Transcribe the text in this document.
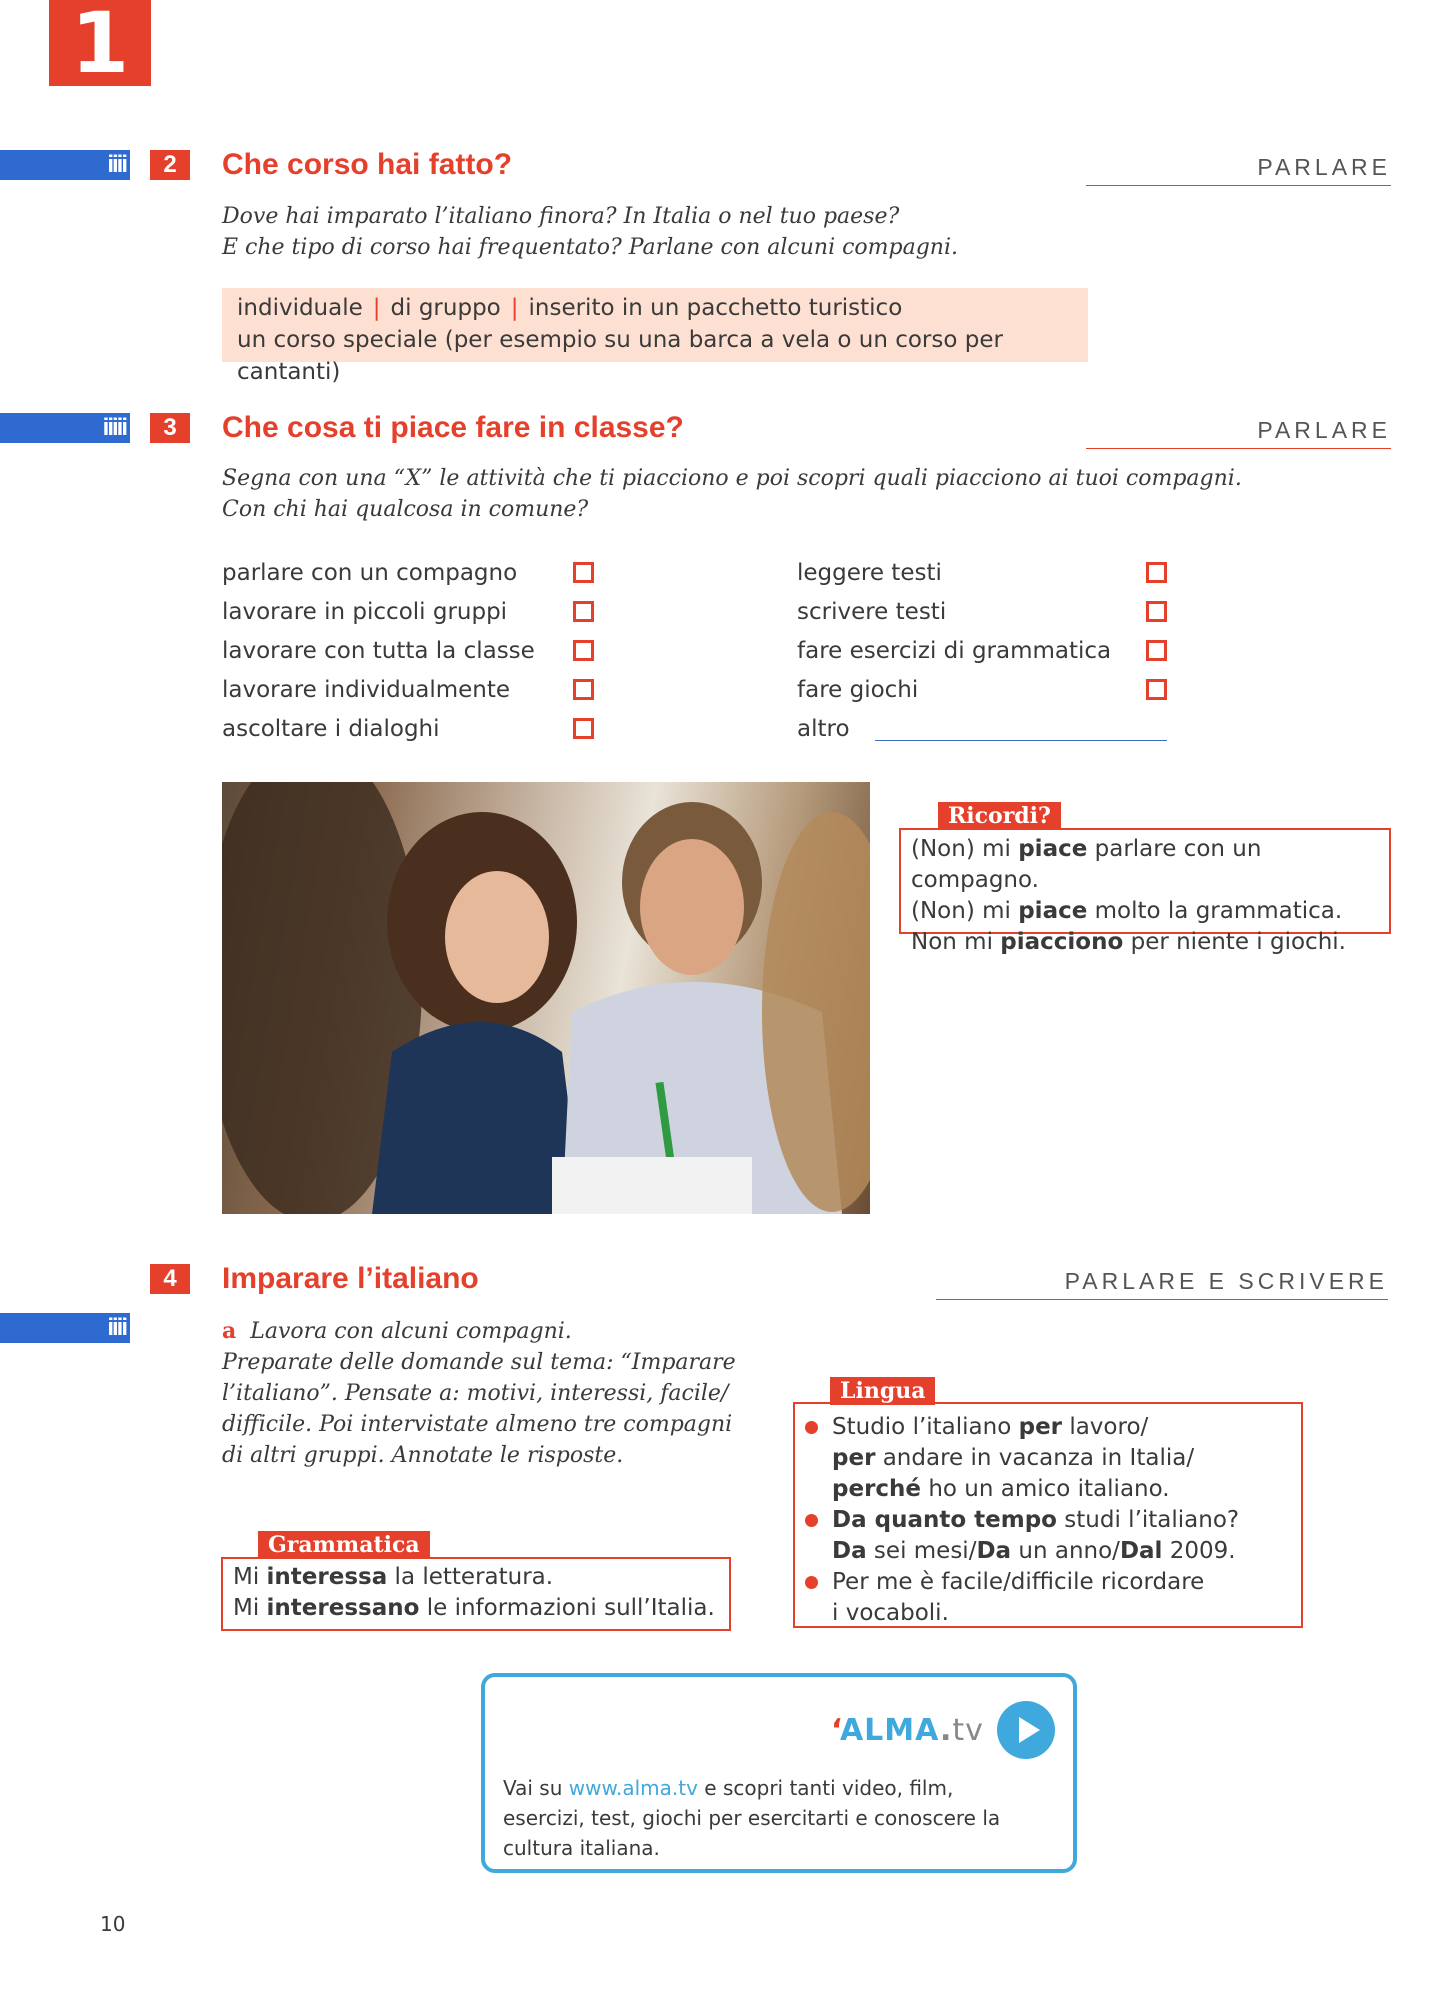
1
iiii	2	Che corso hai fatto?	PARLARE
Dove hai imparato l’italiano finora? In Italia o nel tuo paese?
E che tipo di corso hai frequentato? Parlane con alcuni compagni.
individuale | di gruppo | inserito in un pacchetto turistico
un corso speciale (per esempio su una barca a vela o un corso per cantanti)
iiiii	3	Che cosa ti piace fare in classe?	PARLARE
Segna con una “X” le attività che ti piacciono e poi scopri quali piacciono ai tuoi compagni.
Con chi hai qualcosa in comune?
parlare con un compagno
lavorare in piccoli gruppi
lavorare con tutta la classe
lavorare individualmente
ascoltare i dialoghi
leggere testi
scrivere testi
fare esercizi di grammatica
fare giochi
altro
(Non) mi piace parlare con un compagno.
(Non) mi piace molto la grammatica.
Non mi piacciono per niente i giochi.
Ricordi?
4	Imparare l’italiano	PARLARE E SCRIVERE
iiii	a Lavora con alcuni compagni.
Preparate delle domande sul tema: “Imparare
l’italiano”. Pensate a: motivi, interessi, facile/
difficile. Poi intervistate almeno tre compagni
di altri gruppi. Annotate le risposte.
Mi interessa la letteratura.
Mi interessano le informazioni sull’Italia.
Grammatica
Studio l’italiano per lavoro/
per andare in vacanza in Italia/
perché ho un amico italiano.
Da quanto tempo studi l’italiano?
Da sei mesi/Da un anno/Dal 2009.
Per me è facile/difficile ricordare
i vocaboli.
Lingua
‘ALMA.tv
Vai su www.alma.tv e scopri tanti video, film, esercizi, test, giochi per esercitarti e conoscere la cultura italiana.
10
